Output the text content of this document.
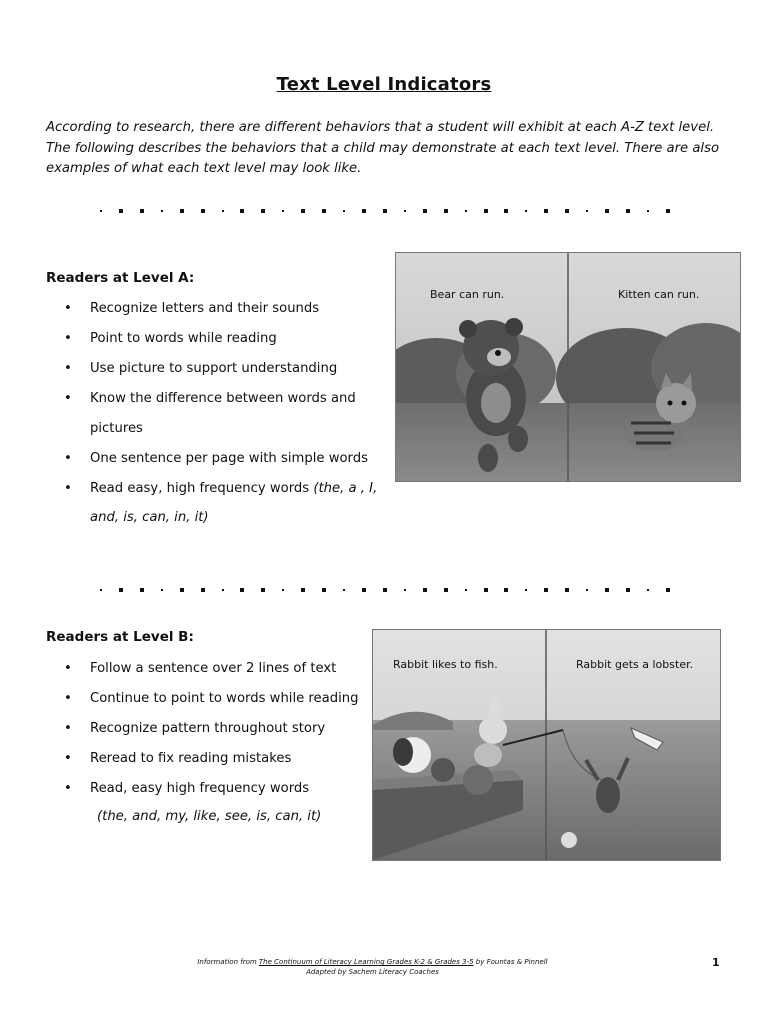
Text Level Indicators

According to research, there are different behaviors that a student will exhibit at each A-Z text level. The following describes the behaviors that a child may demonstrate at each text level. There are also examples of what each text level may look like.

Readers at Level A:
• Recognize letters and their sounds
• Point to words while reading
• Use picture to support understanding
• Know the difference between words and
pictures
• One sentence per page with simple words
• Read easy, high frequency words (the, a , I,
and, is, can, in, it)
Bear can run.	Kitten can run.
Readers at Level B:
• Follow a sentence over 2 lines of text
• Continue to point to words while reading
• Recognize pattern throughout story
• Reread to fix reading mistakes
• Read, easy high frequency words
(the, and, my, like, see, is, can, it)
Rabbit likes to fish.	Rabbit gets a lobster.
Information from The Continuum of Literacy Learning Grades K-2 & Grades 3-5 by Fountas & Pinnell
Adapted by Sachem Literacy Coaches
1
